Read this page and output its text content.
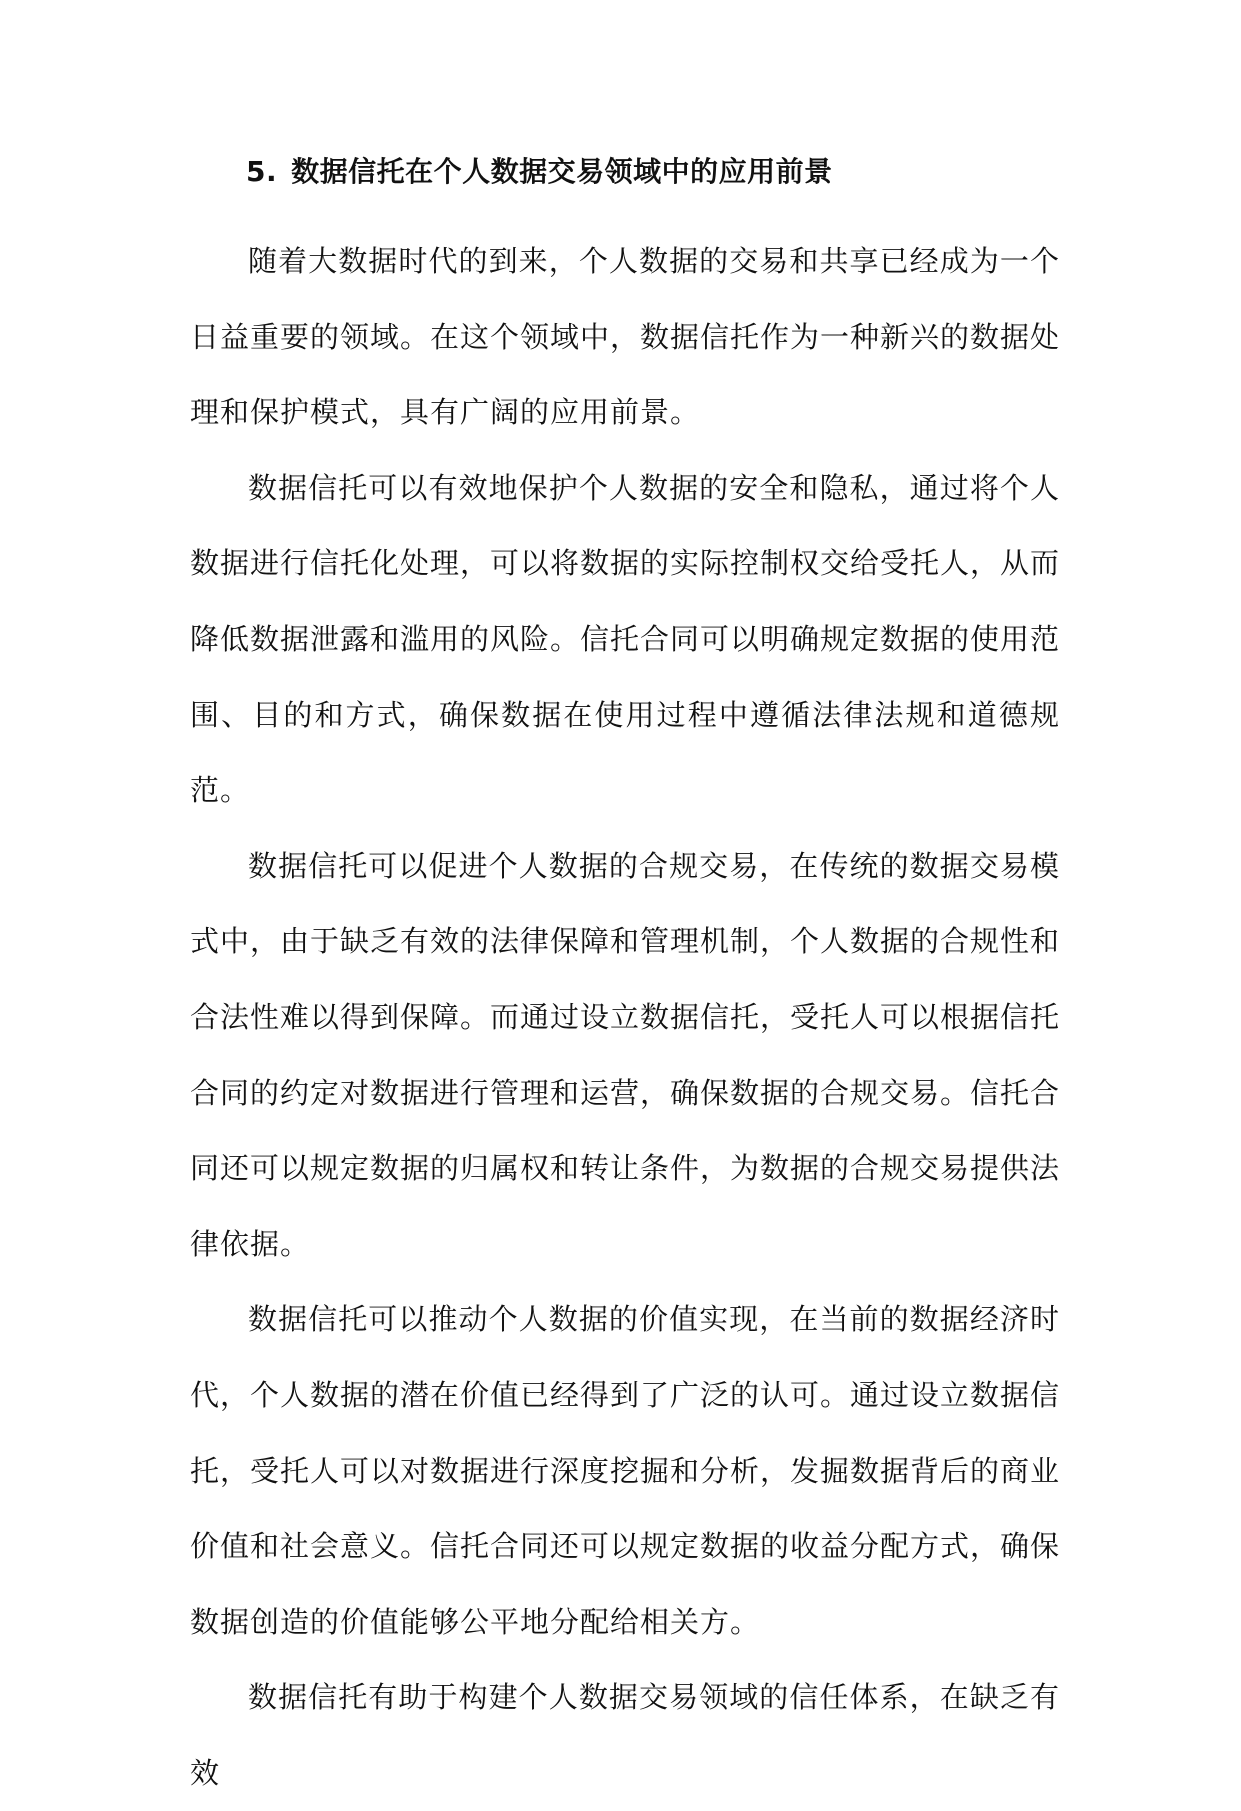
5. 数据信托在个人数据交易领域中的应用前景

随着大数据时代的到来，个人数据的交易和共享已经成为一个日益重要的领域。在这个领域中，数据信托作为一种新兴的数据处理和保护模式，具有广阔的应用前景。

数据信托可以有效地保护个人数据的安全和隐私，通过将个人数据进行信托化处理，可以将数据的实际控制权交给受托人，从而降低数据泄露和滥用的风险。信托合同可以明确规定数据的使用范围、目的和方式，确保数据在使用过程中遵循法律法规和道德规范。

数据信托可以促进个人数据的合规交易，在传统的数据交易模式中，由于缺乏有效的法律保障和管理机制，个人数据的合规性和合法性难以得到保障。而通过设立数据信托，受托人可以根据信托合同的约定对数据进行管理和运营，确保数据的合规交易。信托合同还可以规定数据的归属权和转让条件，为数据的合规交易提供法律依据。

数据信托可以推动个人数据的价值实现，在当前的数据经济时代，个人数据的潜在价值已经得到了广泛的认可。通过设立数据信托，受托人可以对数据进行深度挖掘和分析，发掘数据背后的商业价值和社会意义。信托合同还可以规定数据的收益分配方式，确保数据创造的价值能够公平地分配给相关方。

数据信托有助于构建个人数据交易领域的信任体系，在缺乏有效
